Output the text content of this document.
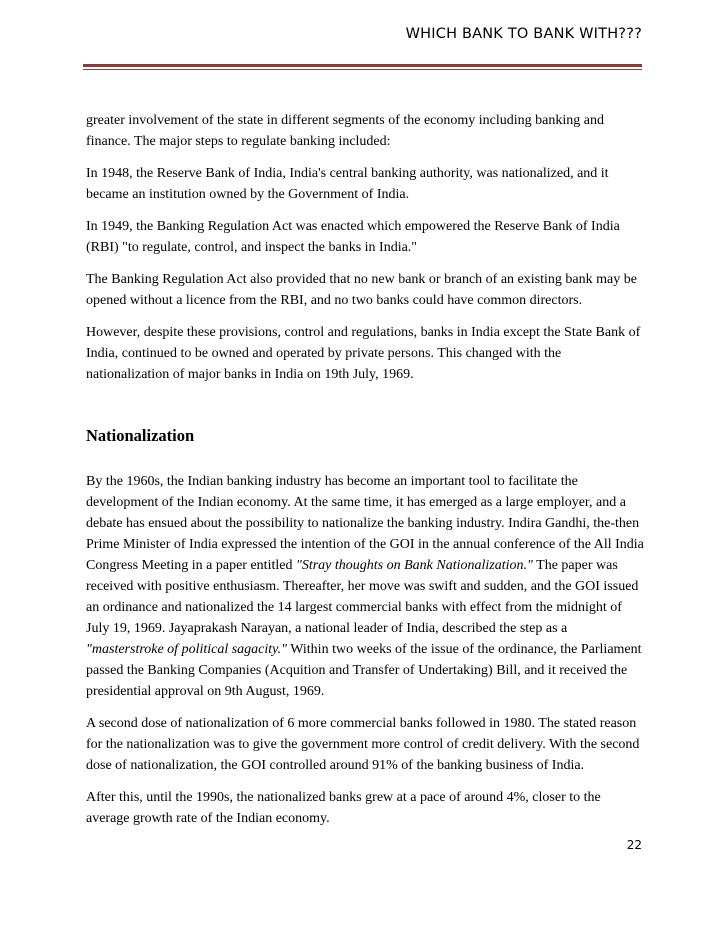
WHICH BANK TO BANK WITH???

greater involvement of the state in different segments of the economy including banking and finance. The major steps to regulate banking included:

In 1948, the Reserve Bank of India, India's central banking authority, was nationalized, and it became an institution owned by the Government of India.

In 1949, the Banking Regulation Act was enacted which empowered the Reserve Bank of India (RBI) "to regulate, control, and inspect the banks in India."

The Banking Regulation Act also provided that no new bank or branch of an existing bank may be opened without a licence from the RBI, and no two banks could have common directors.

However, despite these provisions, control and regulations, banks in India except the State Bank of India, continued to be owned and operated by private persons. This changed with the nationalization of major banks in India on 19th July, 1969.

Nationalization

By the 1960s, the Indian banking industry has become an important tool to facilitate the development of the Indian economy. At the same time, it has emerged as a large employer, and a debate has ensued about the possibility to nationalize the banking industry. Indira Gandhi, the-then Prime Minister of India expressed the intention of the GOI in the annual conference of the All India Congress Meeting in a paper entitled "Stray thoughts on Bank Nationalization." The paper was received with positive enthusiasm. Thereafter, her move was swift and sudden, and the GOI issued an ordinance and nationalized the 14 largest commercial banks with effect from the midnight of July 19, 1969. Jayaprakash Narayan, a national leader of India, described the step as a "masterstroke of political sagacity." Within two weeks of the issue of the ordinance, the Parliament passed the Banking Companies (Acquition and Transfer of Undertaking) Bill, and it received the presidential approval on 9th August, 1969.

A second dose of nationalization of 6 more commercial banks followed in 1980. The stated reason for the nationalization was to give the government more control of credit delivery. With the second dose of nationalization, the GOI controlled around 91% of the banking business of India.

After this, until the 1990s, the nationalized banks grew at a pace of around 4%, closer to the average growth rate of the Indian economy.

22
